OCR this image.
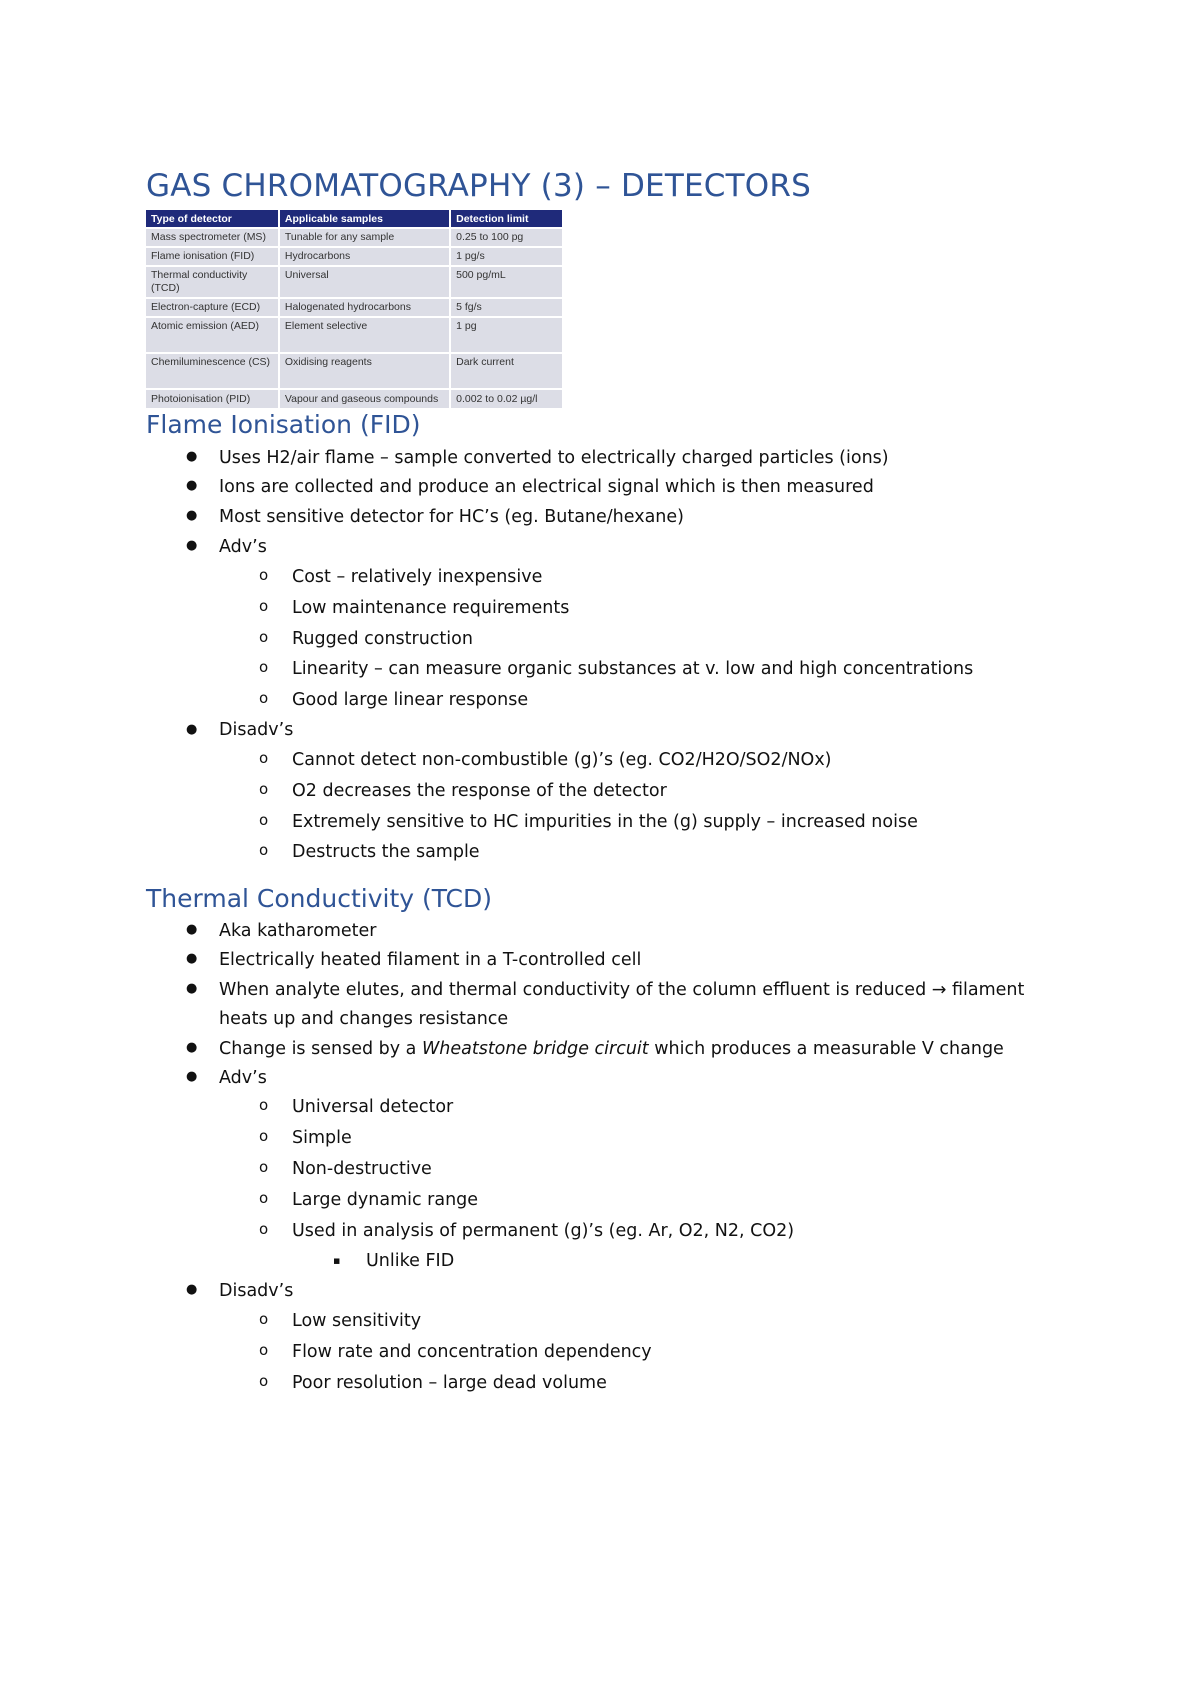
GAS CHROMATOGRAPHY (3) – DETECTORS
Type of detector	Applicable samples	Detection limit
Mass spectrometer (MS)	Tunable for any sample	0.25 to 100 pg
Flame ionisation (FID)	Hydrocarbons	1 pg/s
Thermal conductivity (TCD)	Universal	500 pg/mL
Electron-capture (ECD)	Halogenated hydrocarbons	5 fg/s
Atomic emission (AED)	Element selective	1 pg
Chemiluminescence (CS)	Oxidising reagents	Dark current
Photoionisation (PID)	Vapour and gaseous compounds	0.002 to 0.02 µg/l
Flame Ionisation (FID)
● Uses H2/air flame – sample converted to electrically charged particles (ions)
● Ions are collected and produce an electrical signal which is then measured
● Most sensitive detector for HC’s (eg. Butane/hexane)
● Adv’s
o Cost – relatively inexpensive
o Low maintenance requirements
o Rugged construction
o Linearity – can measure organic substances at v. low and high concentrations
o Good large linear response
● Disadv’s
o Cannot detect non-combustible (g)’s (eg. CO2/H2O/SO2/NOx)
o O2 decreases the response of the detector
o Extremely sensitive to HC impurities in the (g) supply – increased noise
o Destructs the sample
Thermal Conductivity (TCD)
● Aka katharometer
● Electrically heated filament in a T-controlled cell
● When analyte elutes, and thermal conductivity of the column effluent is reduced → filament
heats up and changes resistance
● Change is sensed by a Wheatstone bridge circuit which produces a measurable V change
● Adv’s
o Universal detector
o Simple
o Non-destructive
o Large dynamic range
o Used in analysis of permanent (g)’s (eg. Ar, O2, N2, CO2)
▪ Unlike FID
● Disadv’s
o Low sensitivity
o Flow rate and concentration dependency
o Poor resolution – large dead volume
